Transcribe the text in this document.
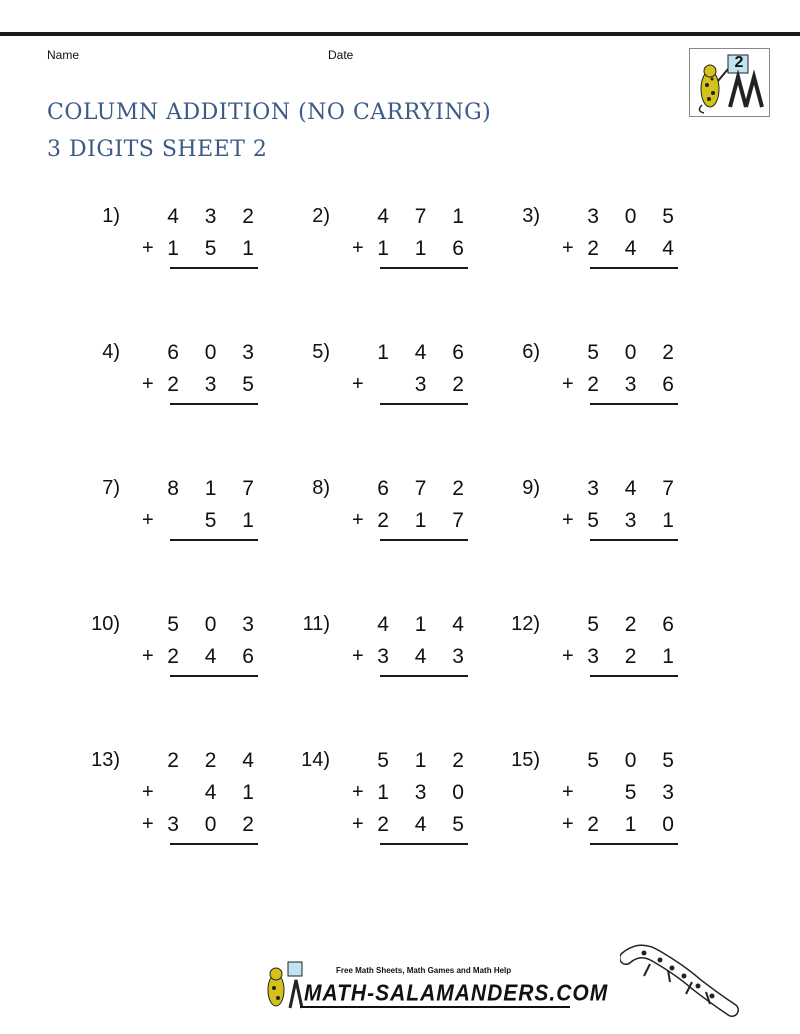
Name	Date
COLUMN ADDITION (NO CARRYING)
3 DIGITS SHEET 2
2
1) 4 3 2
+ 1 5 1
2) 4 7 1
+ 1 1 6
3) 3 0 5
+ 2 4 4
4) 6 0 3
+ 2 3 5
5) 1 4 6
+ 3 2
6) 5 0 2
+ 2 3 6
7) 8 1 7
+ 5 1
8) 6 7 2
+ 2 1 7
9) 3 4 7
+ 5 3 1
10) 5 0 3
+ 2 4 6
11) 4 1 4
+ 3 4 3
12) 5 2 6
+ 3 2 1
13) 2 2 4
+ 4 1
+ 3 0 2
14) 5 1 2
+ 1 3 0
+ 2 4 5
15) 5 0 5
+ 5 3
+ 2 1 0
Free Math Sheets, Math Games and Math Help
MATH-SALAMANDERS.COM
